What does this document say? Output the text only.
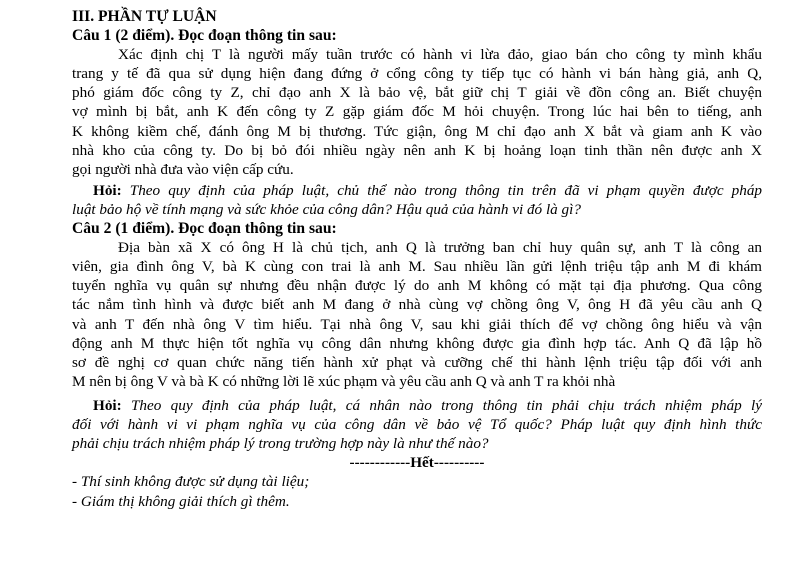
III. PHẦN TỰ LUẬN
Câu 1 (2 điểm). Đọc đoạn thông tin sau:
Xác định chị T là người mấy tuần trước có hành vi lừa đảo, giao bán cho công ty mình khẩu
trang y tế đã qua sử dụng hiện đang đứng ở cổng công ty tiếp tục có hành vi bán hàng giả, anh Q,
phó giám đốc công ty Z, chỉ đạo anh X là bảo vệ, bắt giữ chị T giải về đồn công an. Biết chuyện
vợ mình bị bắt, anh K đến công ty Z gặp giám đốc M hỏi chuyện. Trong lúc hai bên to tiếng, anh
K không kiềm chế, đánh ông M bị thương. Tức giận, ông M chỉ đạo anh X bắt và giam anh K vào
nhà kho của công ty. Do bị bỏ đói nhiều ngày nên anh K bị hoảng loạn tinh thần nên được anh X
gọi người nhà đưa vào viện cấp cứu.
Hỏi: Theo quy định của pháp luật, chủ thể nào trong thông tin trên đã vi phạm quyền được pháp
luật bảo hộ về tính mạng và sức khỏe của công dân? Hậu quả của hành vi đó là gì?
Câu 2 (1 điểm). Đọc đoạn thông tin sau:
Địa bàn xã X có ông H là chủ tịch, anh Q là trưởng ban chỉ huy quân sự, anh T là công an
viên, gia đình ông V, bà K cùng con trai là anh M. Sau nhiều lần gửi lệnh triệu tập anh M đi khám
tuyển nghĩa vụ quân sự nhưng đều nhận được lý do anh M không có mặt tại địa phương. Qua công
tác nắm tình hình và được biết anh M đang ở nhà cùng vợ chồng ông V, ông H đã yêu cầu anh Q
và anh T đến nhà ông V tìm hiểu. Tại nhà ông V, sau khi giải thích để vợ chồng ông hiểu và vận
động anh M thực hiện tốt nghĩa vụ công dân nhưng không được gia đình hợp tác. Anh Q đã lập hồ
sơ đề nghị cơ quan chức năng tiến hành xử phạt và cưỡng chế thi hành lệnh triệu tập đối với anh
M nên bị ông V và bà K có những lời lẽ xúc phạm và yêu cầu anh Q và anh T ra khỏi nhà
Hỏi: Theo quy định của pháp luật, cá nhân nào trong thông tin phải chịu trách nhiệm pháp lý
đối với hành vi vi phạm nghĩa vụ của công dân về bảo vệ Tổ quốc? Pháp luật quy định hình thức
phải chịu trách nhiệm pháp lý trong trường hợp này là như thế nào?
------------Hết----------
- Thí sinh không được sử dụng tài liệu;
- Giám thị không giải thích gì thêm.
